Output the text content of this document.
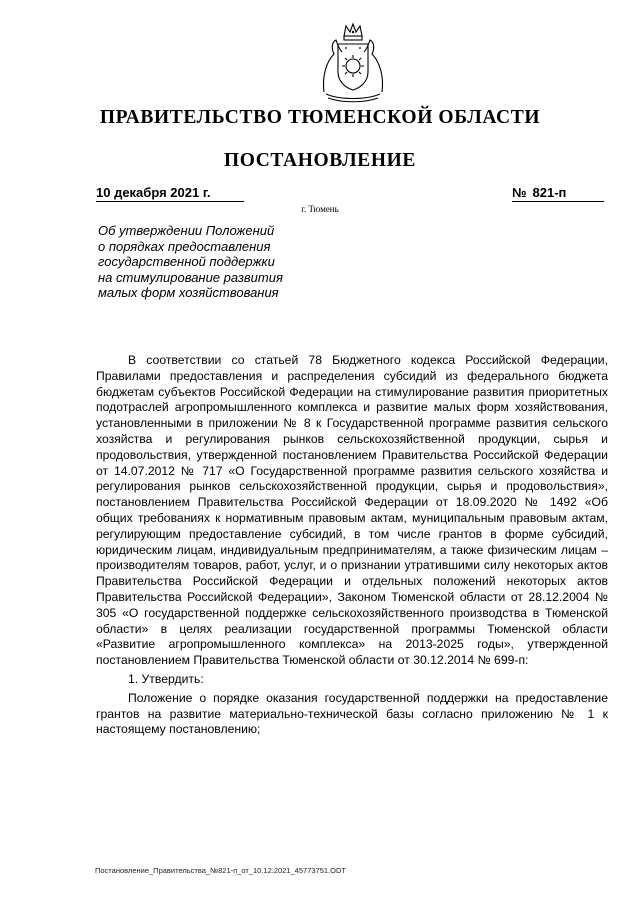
ПРАВИТЕЛЬСТВО ТЮМЕНСКОЙ ОБЛАСТИ
ПОСТАНОВЛЕНИЕ
10 декабря 2021 г.	№ 821-п
г. Тюмень
Об утверждении Положений
о порядках предоставления
государственной поддержки
на стимулирование развития
малых форм хозяйствования

В соответствии со статьей 78 Бюджетного кодекса Российской Федерации, Правилами предоставления и распределения субсидий из федерального бюджета бюджетам субъектов Российской Федерации на стимулирование развития приоритетных подотраслей агропромышленного комплекса и развитие малых форм хозяйствования, установленными в приложении № 8 к Государственной программе развития сельского хозяйства и регулирования рынков сельскохозяйственной продукции, сырья и продовольствия, утвержденной постановлением Правительства Российской Федерации от 14.07.2012 № 717 «О Государственной программе развития сельского хозяйства и регулирования рынков сельскохозяйственной продукции, сырья и продовольствия», постановлением Правительства Российской Федерации от 18.09.2020 № 1492 «Об общих требованиях к нормативным правовым актам, муниципальным правовым актам, регулирующим предоставление субсидий, в том числе грантов в форме субсидий, юридическим лицам, индивидуальным предпринимателям, а также физическим лицам – производителям товаров, работ, услуг, и о признании утратившими силу некоторых актов Правительства Российской Федерации и отдельных положений некоторых актов Правительства Российской Федерации», Законом Тюменской области от 28.12.2004 № 305 «О государственной поддержке сельскохозяйственного производства в Тюменской области» в целях реализации государственной программы Тюменской области «Развитие агропромышленного комплекса» на 2013-2025 годы», утвержденной постановлением Правительства Тюменской области от 30.12.2014 № 699-п:

1. Утвердить:

Положение о порядке оказания государственной поддержки на предоставление грантов на развитие материально-технической базы согласно приложению № 1 к настоящему постановлению;

Постановление_Правительства_№821-п_от_10.12.2021_45773751.ODT
